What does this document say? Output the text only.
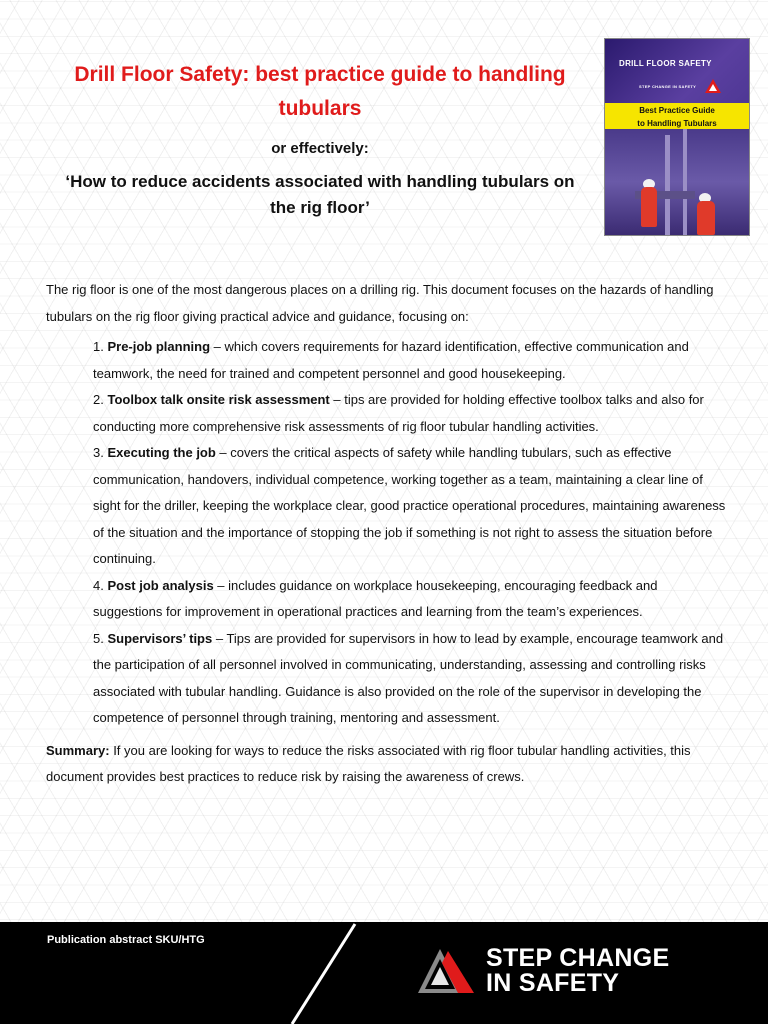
Drill Floor Safety: best practice guide to handling
tubulars

or effectively:

‘How to reduce accidents associated with handling tubulars on
the rig floor’

DRILL FLOOR SAFETY
STEP CHANGE IN SAFETY
Best Practice Guide
to Handling Tubulars

The rig floor is one of the most dangerous places on a drilling rig. This document focuses on the hazards of handling tubulars on the rig floor giving practical advice and guidance, focusing on:

1. Pre-job planning – which covers requirements for hazard identification, effective communication and teamwork, the need for trained and competent personnel and good housekeeping.
2. Toolbox talk onsite risk assessment – tips are provided for holding effective toolbox talks and also for conducting more comprehensive risk assessments of rig floor tubular handling activities.
3. Executing the job – covers the critical aspects of safety while handling tubulars, such as effective communication, handovers, individual competence, working together as a team, maintaining a clear line of sight for the driller, keeping the workplace clear, good practice operational procedures, maintaining awareness of the situation and the importance of stopping the job if something is not right to assess the situation before continuing.
4. Post job analysis – includes guidance on workplace housekeeping, encouraging feedback and suggestions for improvement in operational practices and learning from the team’s experiences.
5. Supervisors’ tips – Tips are provided for supervisors in how to lead by example, encourage teamwork and the participation of all personnel involved in communicating, understanding, assessing and controlling risks associated with tubular handling. Guidance is also provided on the role of the supervisor in developing the competence of personnel through training, mentoring and assessment.

Summary: If you are looking for ways to reduce the risks associated with rig floor tubular handling activities, this document provides best practices to reduce risk by raising the awareness of crews.

Publication abstract SKU/HTG
STEP CHANGE
IN SAFETY
